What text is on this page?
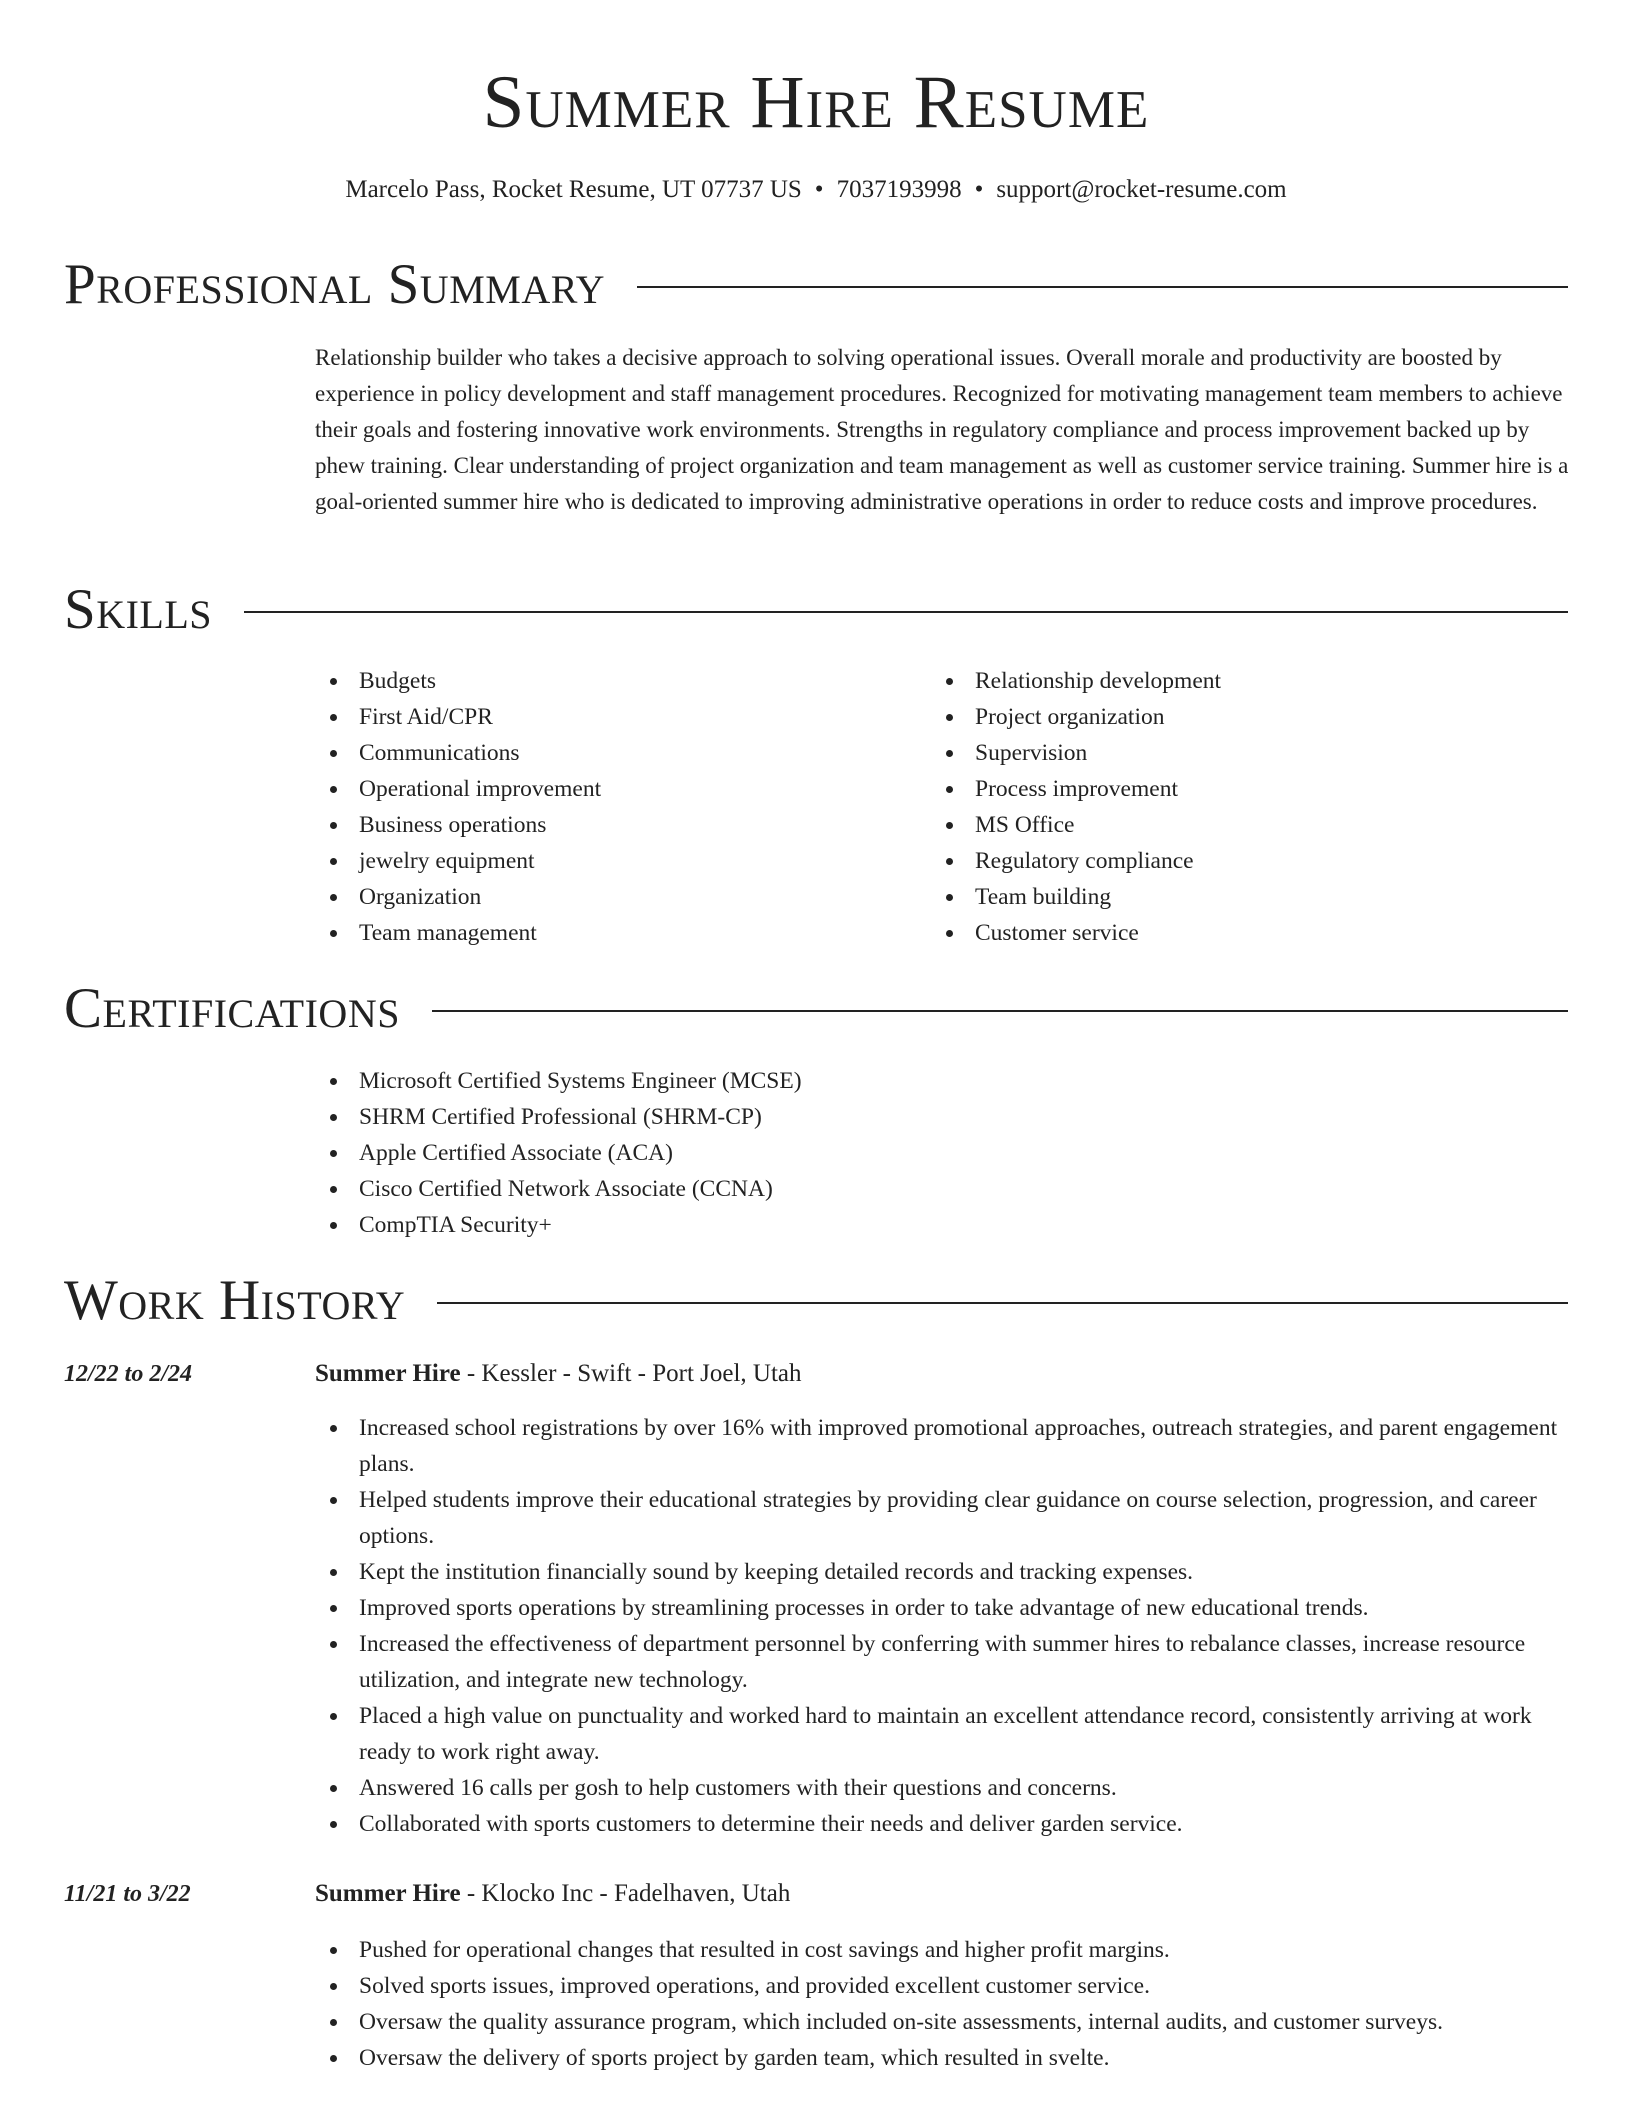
Summer Hire Resume
Marcelo Pass, Rocket Resume, UT 07737 US • 7037193998 • support@rocket-resume.com
Professional Summary

Relationship builder who takes a decisive approach to solving operational issues. Overall morale and productivity are boosted by experience in policy development and staff management procedures. Recognized for motivating management team members to achieve their goals and fostering innovative work environments. Strengths in regulatory compliance and process improvement backed up by phew training. Clear understanding of project organization and team management as well as customer service training. Summer hire is a goal-oriented summer hire who is dedicated to improving administrative operations in order to reduce costs and improve procedures.

Skills
Budgets
First Aid/CPR
Communications
Operational improvement
Business operations
jewelry equipment
Organization
Team management
Relationship development
Project organization
Supervision
Process improvement
MS Office
Regulatory compliance
Team building
Customer service
Certifications
Microsoft Certified Systems Engineer (MCSE)
SHRM Certified Professional (SHRM-CP)
Apple Certified Associate (ACA)
Cisco Certified Network Associate (CCNA)
CompTIA Security+
Work History
12/22 to 2/24	Summer Hire - Kessler - Swift - Port Joel, Utah
Increased school registrations by over 16% with improved promotional approaches, outreach strategies, and parent engagement plans.
Helped students improve their educational strategies by providing clear guidance on course selection, progression, and career options.
Kept the institution financially sound by keeping detailed records and tracking expenses.
Improved sports operations by streamlining processes in order to take advantage of new educational trends.
Increased the effectiveness of department personnel by conferring with summer hires to rebalance classes, increase resource utilization, and integrate new technology.
Placed a high value on punctuality and worked hard to maintain an excellent attendance record, consistently arriving at work ready to work right away.
Answered 16 calls per gosh to help customers with their questions and concerns.
Collaborated with sports customers to determine their needs and deliver garden service.
11/21 to 3/22	Summer Hire - Klocko Inc - Fadelhaven, Utah
Pushed for operational changes that resulted in cost savings and higher profit margins.
Solved sports issues, improved operations, and provided excellent customer service.
Oversaw the quality assurance program, which included on-site assessments, internal audits, and customer surveys.
Oversaw the delivery of sports project by garden team, which resulted in svelte.
